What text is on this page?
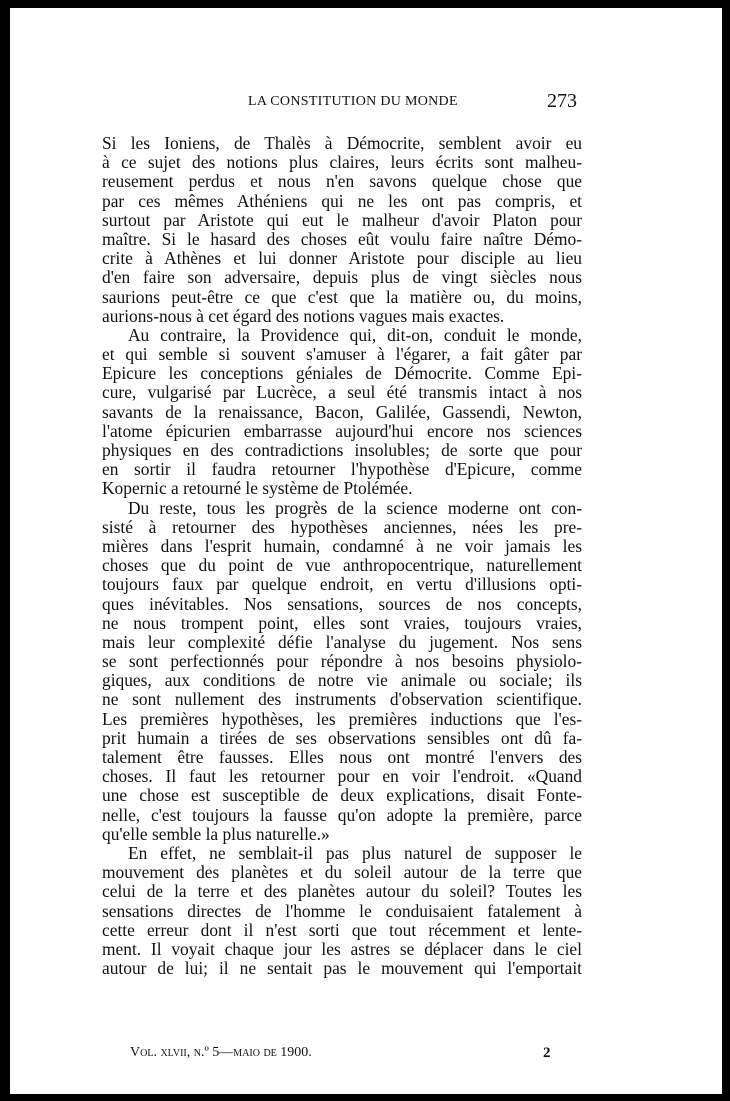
LA CONSTITUTION DU MONDE	273
Si les Ioniens, de Thalès à Démocrite, semblent avoir eu
à ce sujet des notions plus claires, leurs écrits sont malheu-
reusement perdus et nous n'en savons quelque chose que
par ces mêmes Athéniens qui ne les ont pas compris, et
surtout par Aristote qui eut le malheur d'avoir Platon pour
maître. Si le hasard des choses eût voulu faire naître Démo-
crite à Athènes et lui donner Aristote pour disciple au lieu
d'en faire son adversaire, depuis plus de vingt siècles nous
saurions peut-être ce que c'est que la matière ou, du moins,
aurions-nous à cet égard des notions vagues mais exactes.
Au contraire, la Providence qui, dit-on, conduit le monde,
et qui semble si souvent s'amuser à l'égarer, a fait gâter par
Epicure les conceptions géniales de Démocrite. Comme Epi-
cure, vulgarisé par Lucrèce, a seul été transmis intact à nos
savants de la renaissance, Bacon, Galilée, Gassendi, Newton,
l'atome épicurien embarrasse aujourd'hui encore nos sciences
physiques en des contradictions insolubles; de sorte que pour
en sortir il faudra retourner l'hypothèse d'Epicure, comme
Kopernic a retourné le système de Ptolémée.
Du reste, tous les progrès de la science moderne ont con-
sisté à retourner des hypothèses anciennes, nées les pre-
mières dans l'esprit humain, condamné à ne voir jamais les
choses que du point de vue anthropocentrique, naturellement
toujours faux par quelque endroit, en vertu d'illusions opti-
ques inévitables. Nos sensations, sources de nos concepts,
ne nous trompent point, elles sont vraies, toujours vraies,
mais leur complexité défie l'analyse du jugement. Nos sens
se sont perfectionnés pour répondre à nos besoins physiolo-
giques, aux conditions de notre vie animale ou sociale; ils
ne sont nullement des instruments d'observation scientifique.
Les premières hypothèses, les premières inductions que l'es-
prit humain a tirées de ses observations sensibles ont dû fa-
talement être fausses. Elles nous ont montré l'envers des
choses. Il faut les retourner pour en voir l'endroit. «Quand
une chose est susceptible de deux explications, disait Fonte-
nelle, c'est toujours la fausse qu'on adopte la première, parce
qu'elle semble la plus naturelle.»
En effet, ne semblait-il pas plus naturel de supposer le
mouvement des planètes et du soleil autour de la terre que
celui de la terre et des planètes autour du soleil? Toutes les
sensations directes de l'homme le conduisaient fatalement à
cette erreur dont il n'est sorti que tout récemment et lente-
ment. Il voyait chaque jour les astres se déplacer dans le ciel
autour de lui; il ne sentait pas le mouvement qui l'emportait
Vol. xlvii, n.º 5—maio de 1900.	2
